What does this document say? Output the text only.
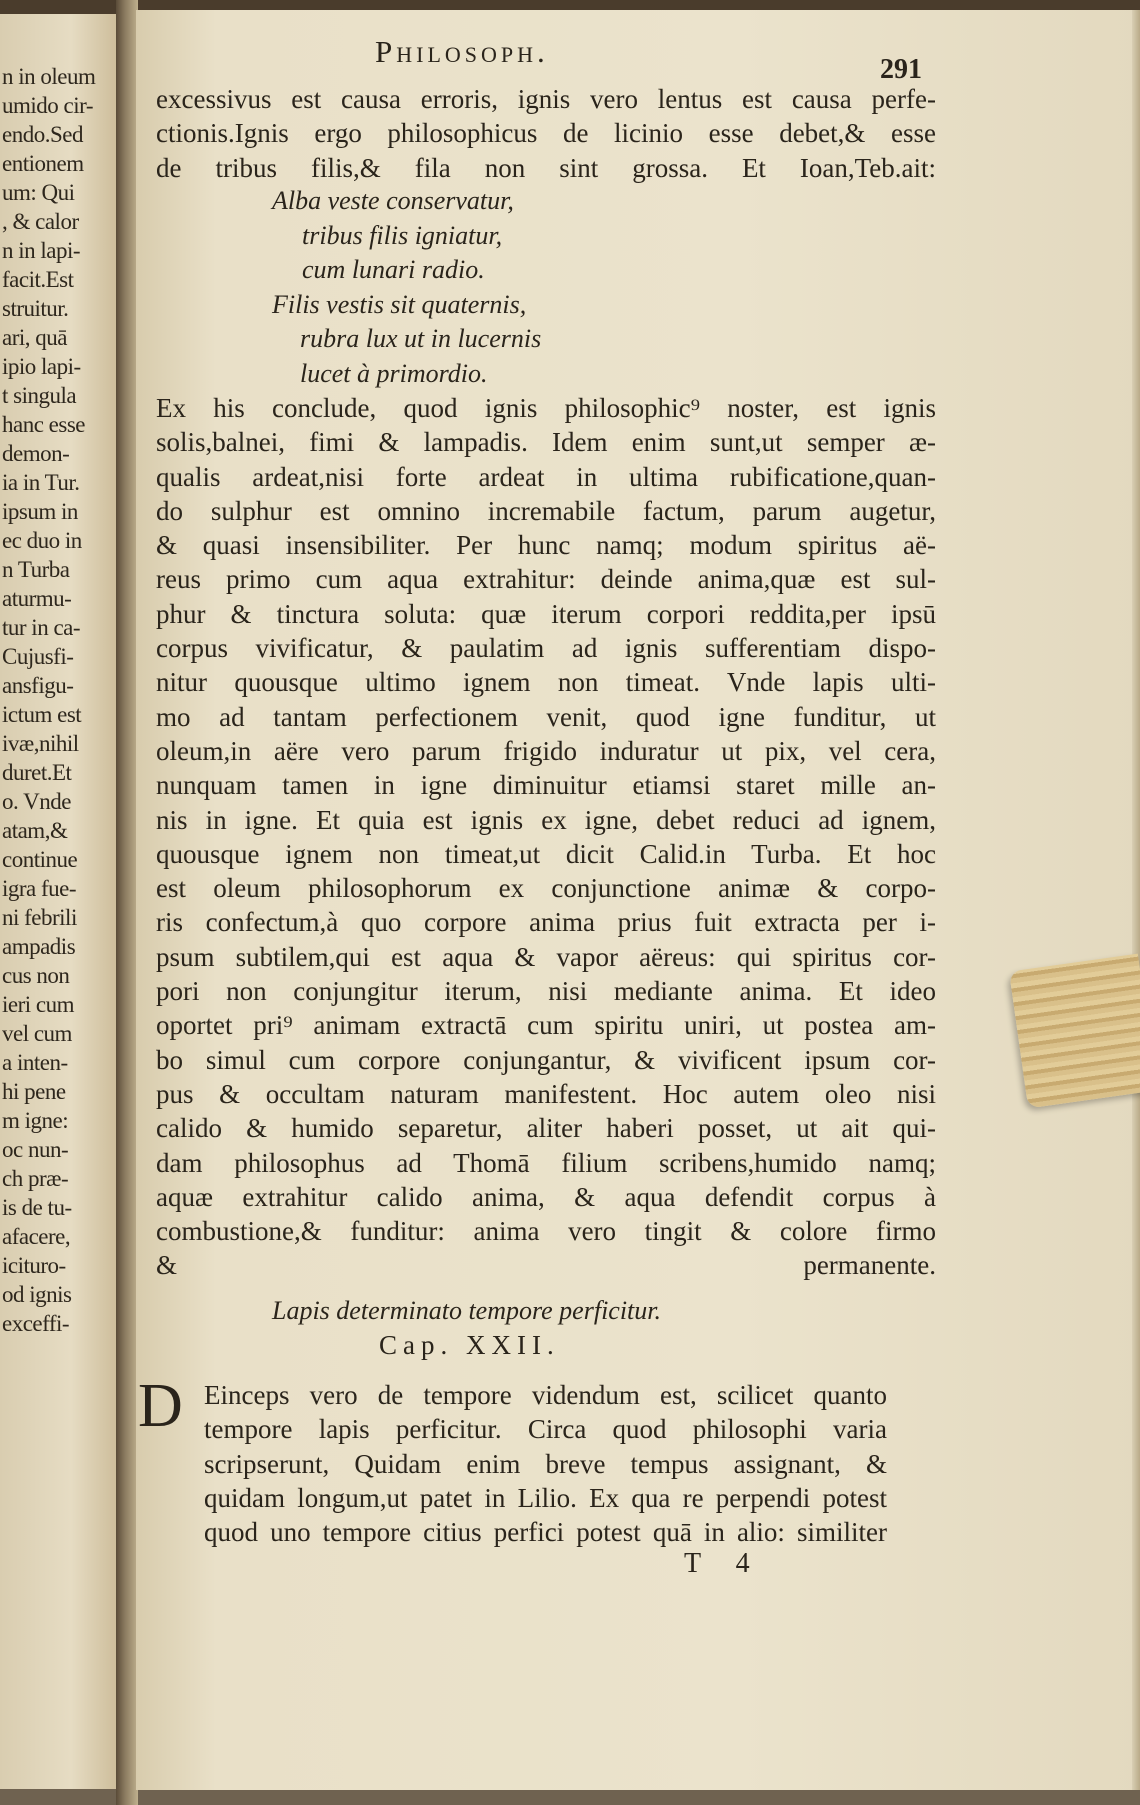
n in oleum
umido cir-
endo.Sed
entionem
um: Qui
, & calor
n in lapi-
facit.Est
struitur.
ari, quā
ipio lapi-
t singula
hanc esse
demon-
ia in Tur.
ipsum in
ec duo in
n Turba
aturmu-
tur in ca-
Cujusfi-
ansfigu-
ictum est
ivæ,nihil
duret.Et
o. Vnde
atam,&
continue
igra fue-
ni febrili
ampadis
cus non
ieri cum
vel cum
a inten-
hi pene
m igne:
oc nun-
ch præ-
is de tu-
afacere,
icituro-
od ignis
exceffi-
Philosoph.
291
excessivus est causa erroris, ignis vero lentus est causa perfe-
ctionis.Ignis ergo philosophicus de licinio esse debet,& esse
de tribus filis,& fila non sint grossa. Et Ioan,Teb.ait:
Alba veste conservatur,
tribus filis igniatur,
cum lunari radio.
Filis vestis sit quaternis,
rubra lux ut in lucernis
lucet à primordio.
Ex his conclude, quod ignis philosophic⁹ noster, est ignis
solis,balnei, fimi & lampadis. Idem enim sunt,ut semper æ-
qualis ardeat,nisi forte ardeat in ultima rubificatione,quan-
do sulphur est omnino incremabile factum, parum augetur,
& quasi insensibiliter. Per hunc namq; modum spiritus aë-
reus primo cum aqua extrahitur: deinde anima,quæ est sul-
phur & tinctura soluta: quæ iterum corpori reddita,per ipsū
corpus vivificatur, & paulatim ad ignis sufferentiam dispo-
nitur quousque ultimo ignem non timeat. Vnde lapis ulti-
mo ad tantam perfectionem venit, quod igne funditur, ut
oleum,in aëre vero parum frigido induratur ut pix, vel cera,
nunquam tamen in igne diminuitur etiamsi staret mille an-
nis in igne. Et quia est ignis ex igne, debet reduci ad ignem,
quousque ignem non timeat,ut dicit Calid.in Turba. Et hoc
est oleum philosophorum ex conjunctione animæ & corpo-
ris confectum,à quo corpore anima prius fuit extracta per i-
psum subtilem,qui est aqua & vapor aëreus: qui spiritus cor-
pori non conjungitur iterum, nisi mediante anima. Et ideo
oportet pri⁹ animam extractā cum spiritu uniri, ut postea am-
bo simul cum corpore conjungantur, & vivificent ipsum cor-
pus & occultam naturam manifestent. Hoc autem oleo nisi
calido & humido separetur, aliter haberi posset, ut ait qui-
dam philosophus ad Thomā filium scribens,humido namq;
aquæ extrahitur calido anima, & aqua defendit corpus à
combustione,& funditur: anima vero tingit & colore firmo
& permanente.
Lapis determinato tempore perficitur.
Cap. XXII.
D Einceps vero de tempore videndum est, scilicet quanto
tempore lapis perficitur. Circa quod philosophi varia
scripserunt, Quidam enim breve tempus assignant, &
quidam longum,ut patet in Lilio. Ex qua re perpendi potest
quod uno tempore citius perfici potest quā in alio: similiter
T 4
